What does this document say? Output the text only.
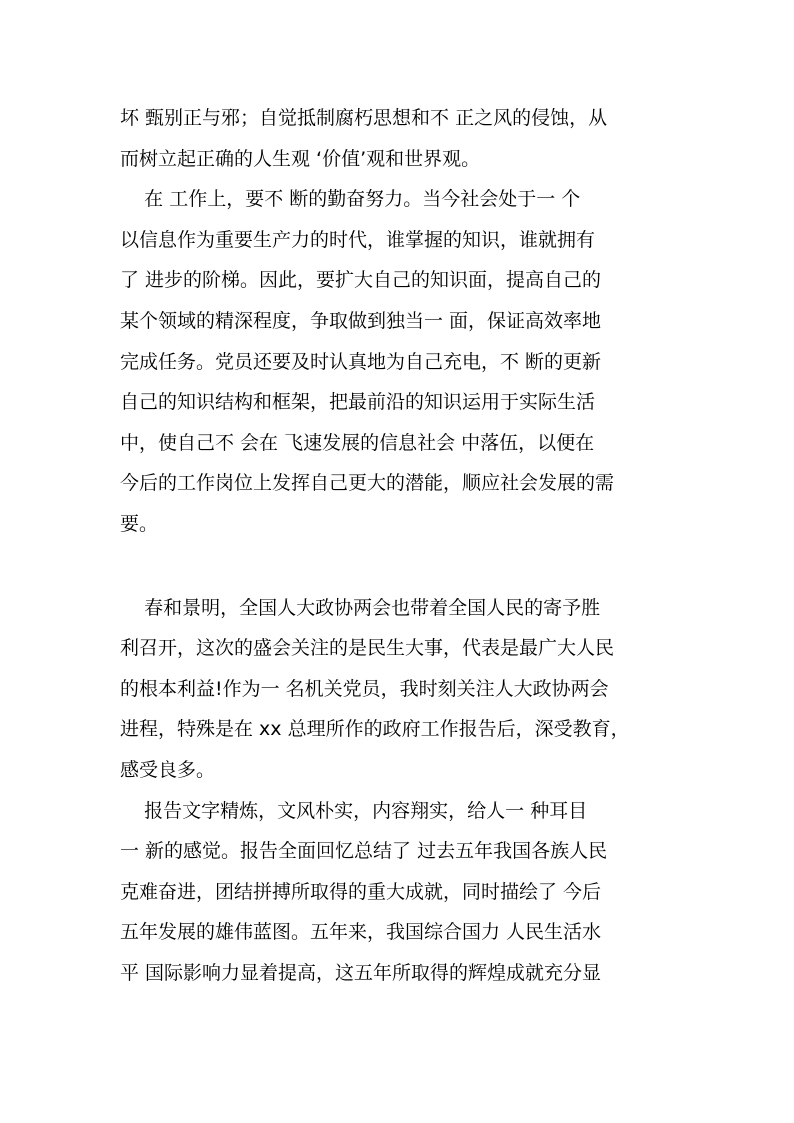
坏 甄别正与邪；自觉抵制腐朽思想和不 正之风的侵蚀，从
而树立起正确的人生观 ‘价值’观和世界观。
在 工作上，要不 断的勤奋努力。当今社会处于一 个
以信息作为重要生产力的时代，谁掌握的知识，谁就拥有
了 进步的阶梯。因此，要扩大自己的知识面，提高自己的
某个领域的精深程度，争取做到独当一 面，保证高效率地
完成任务。党员还要及时认真地为自己充电，不 断的更新
自己的知识结构和框架，把最前沿的知识运用于实际生活
中，使自己不 会在 飞速发展的信息社会 中落伍，以便在
今后的工作岗位上发挥自己更大的潜能，顺应社会发展的需
要。
春和景明，全国人大政协两会也带着全国人民的寄予胜
利召开，这次的盛会关注的是民生大事，代表是最广大人民
的根本利益!作为一 名机关党员，我时刻关注人大政协两会
进程，特殊是在 xx 总理所作的政府工作报告后，深受教育，
感受良多。
报告文字精炼，文风朴实，内容翔实，给人一 种耳目
一 新的感觉。报告全面回忆总结了 过去五年我国各族人民
克难奋进，团结拼搏所取得的重大成就，同时描绘了 今后
五年发展的雄伟蓝图。五年来，我国综合国力 人民生活水
平 国际影响力显着提高，这五年所取得的辉煌成就充分显
